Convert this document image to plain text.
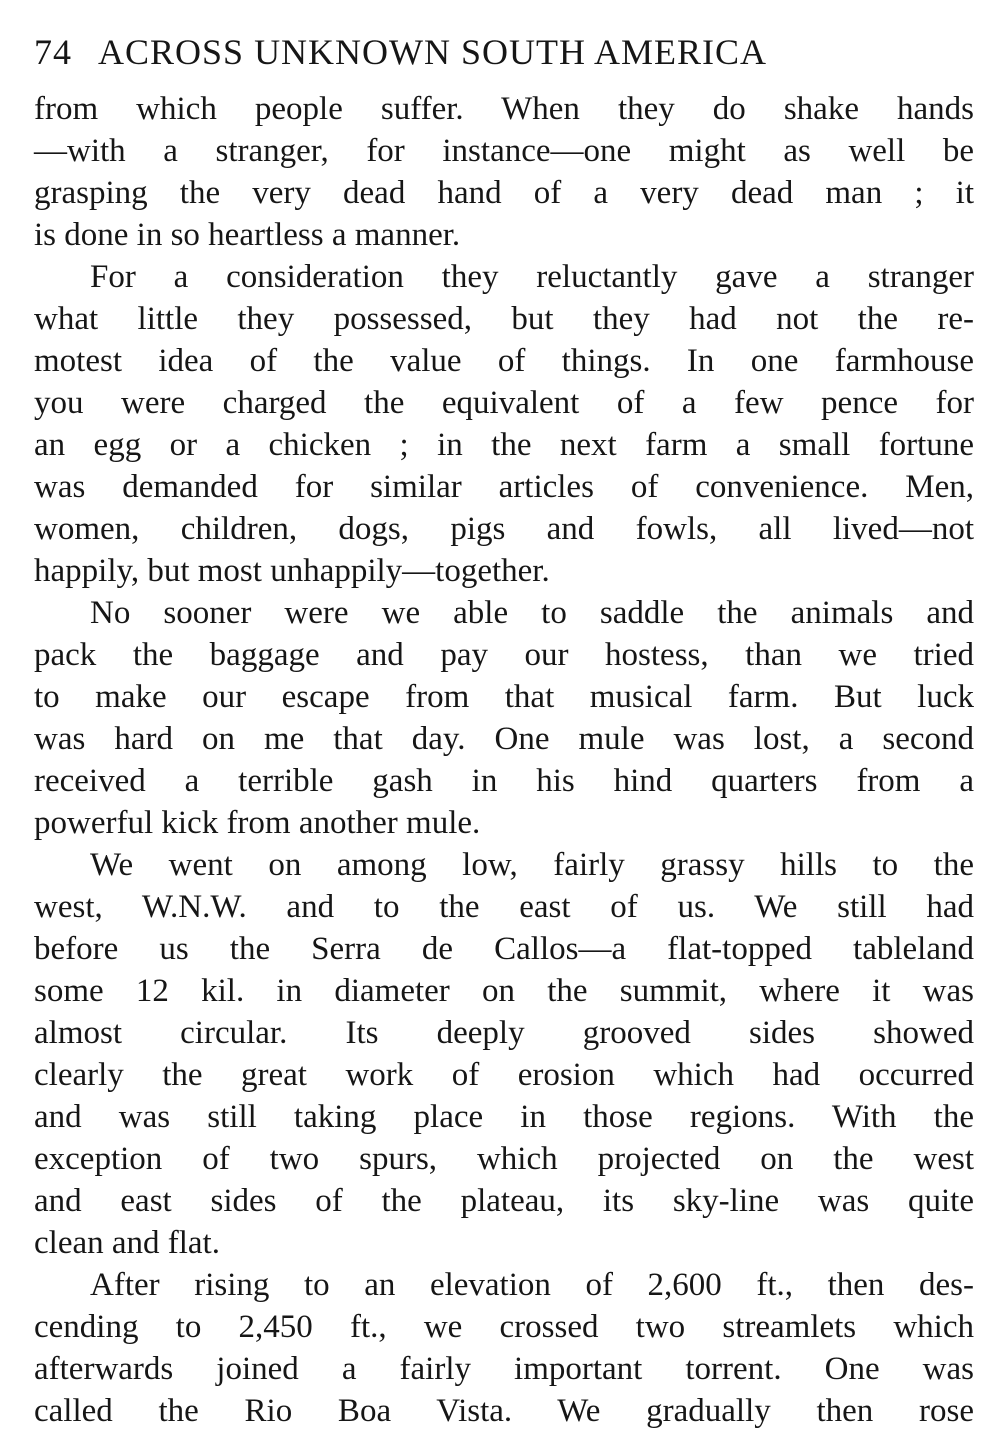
74 ACROSS UNKNOWN SOUTH AMERICA

from which people suffer. When they do shake hands
—with a stranger, for instance—one might as well be
grasping the very dead hand of a very dead man ; it
is done in so heartless a manner.

For a consideration they reluctantly gave a stranger
what little they possessed, but they had not the re-
motest idea of the value of things. In one farmhouse
you were charged the equivalent of a few pence for
an egg or a chicken ; in the next farm a small fortune
was demanded for similar articles of convenience. Men,
women, children, dogs, pigs and fowls, all lived—not
happily, but most unhappily—together.

No sooner were we able to saddle the animals and
pack the baggage and pay our hostess, than we tried
to make our escape from that musical farm. But luck
was hard on me that day. One mule was lost, a second
received a terrible gash in his hind quarters from a
powerful kick from another mule.

We went on among low, fairly grassy hills to the
west, W.N.W. and to the east of us. We still had
before us the Serra de Callos—a flat-topped tableland
some 12 kil. in diameter on the summit, where it was
almost circular. Its deeply grooved sides showed
clearly the great work of erosion which had occurred
and was still taking place in those regions. With the
exception of two spurs, which projected on the west
and east sides of the plateau, its sky-line was quite
clean and flat.

After rising to an elevation of 2,600 ft., then des-
cending to 2,450 ft., we crossed two streamlets which
afterwards joined a fairly important torrent. One was
called the Rio Boa Vista. We gradually then rose
